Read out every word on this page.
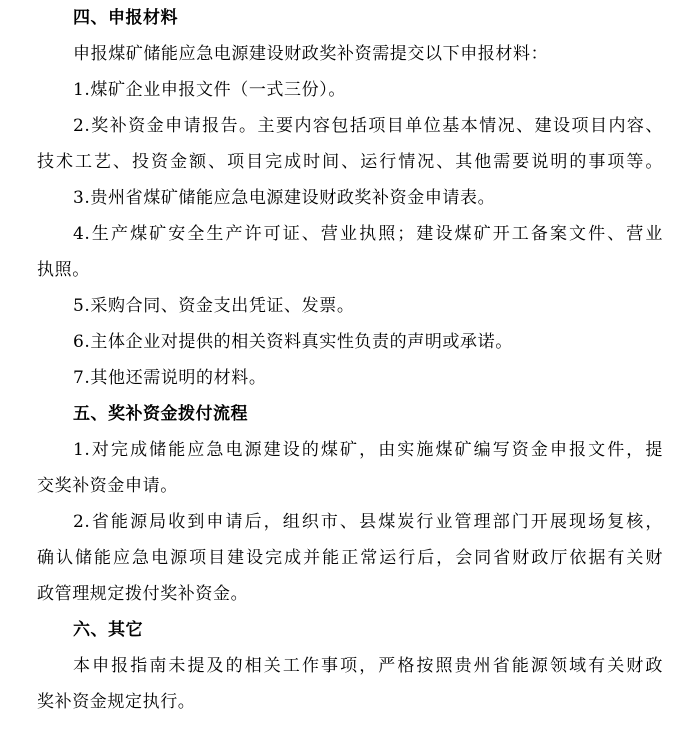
四、申报材料
申报煤矿储能应急电源建设财政奖补资需提交以下申报材料：
1.煤矿企业申报文件（一式三份）。
2.奖补资金申请报告。主要内容包括项目单位基本情况、建设项目内容、
技术工艺、投资金额、项目完成时间、运行情况、其他需要说明的事项等。
3.贵州省煤矿储能应急电源建设财政奖补资金申请表。
4.生产煤矿安全生产许可证、营业执照；建设煤矿开工备案文件、营业
执照。
5.采购合同、资金支出凭证、发票。
6.主体企业对提供的相关资料真实性负责的声明或承诺。
7.其他还需说明的材料。
五、奖补资金拨付流程
1.对完成储能应急电源建设的煤矿，由实施煤矿编写资金申报文件，提
交奖补资金申请。
2.省能源局收到申请后，组织市、县煤炭行业管理部门开展现场复核，
确认储能应急电源项目建设完成并能正常运行后，会同省财政厅依据有关财
政管理规定拨付奖补资金。
六、其它
本申报指南未提及的相关工作事项，严格按照贵州省能源领域有关财政
奖补资金规定执行。
